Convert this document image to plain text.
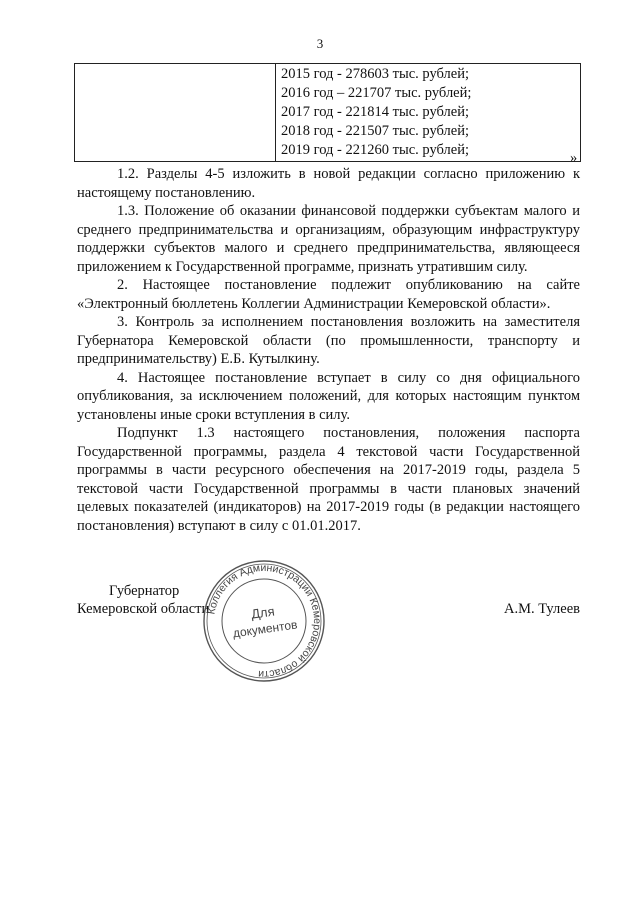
3

2015 год - 278603 тыс. рублей;
2016 год – 221707 тыс. рублей;
2017 год - 221814 тыс. рублей;
2018 год - 221507 тыс. рублей;
2019 год - 221260 тыс. рублей;	»

1.2. Разделы 4-5 изложить в новой редакции согласно приложению к настоящему постановлению.

1.3. Положение об оказании финансовой поддержки субъектам малого и среднего предпринимательства и организациям, образующим инфраструктуру поддержки субъектов малого и среднего предпринимательства, являющееся приложением к Государственной программе, признать утратившим силу.

2. Настоящее постановление подлежит опубликованию на сайте «Электронный бюллетень Коллегии Администрации Кемеровской области».

3. Контроль за исполнением постановления возложить на заместителя Губернатора Кемеровской области (по промышленности, транспорту и предпринимательству) Е.Б. Кутылкину.

4. Настоящее постановление вступает в силу со дня официального опубликования, за исключением положений, для которых настоящим пунктом установлены иные сроки вступления в силу.

Подпункт 1.3 настоящего постановления, положения паспорта Государственной программы, раздела 4 текстовой части Государственной программы в части ресурсного обеспечения на 2017-2019 годы, раздела 5 текстовой части Государственной программы в части плановых значений целевых показателей (индикаторов) на 2017-2019 годы (в редакции настоящего постановления) вступают в силу с 01.01.2017.

Губернатор
Кемеровской области	А.М. Тулеев
Коллегия Администрации Кемеровской области
Для
документов
